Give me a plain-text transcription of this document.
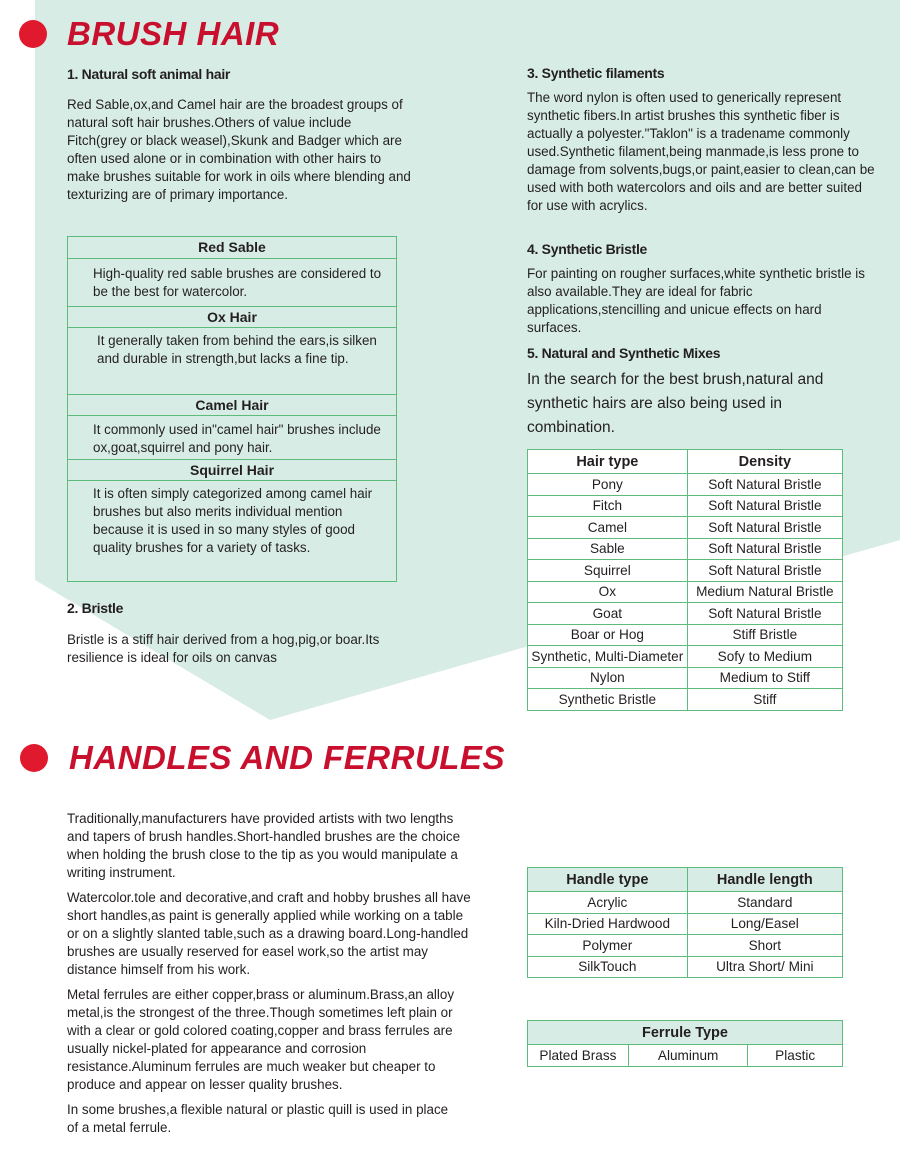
BRUSH HAIR
1. Natural soft animal hair

Red Sable,ox,and Camel hair are the broadest groups of natural soft hair brushes.Others of value include Fitch(grey or black weasel),Skunk and Badger which are often used alone or in combination with other hairs to make brushes suitable for work in oils where blending and texturizing are of primary importance.

Red Sable

High-quality red sable brushes are considered to be the best for watercolor.

Ox Hair

It generally taken from behind the ears,is silken and durable in strength,but lacks a fine tip.

Camel Hair

It commonly used in"camel hair" brushes include ox,goat,squirrel and pony hair.

Squirrel Hair

It is often simply categorized among camel hair brushes but also merits individual mention because it is used in so many styles of good quality brushes for a variety of tasks.

2. Bristle

Bristle is a stiff hair derived from a hog,pig,or boar.Its resilience is ideal for oils on canvas

3. Synthetic filaments

The word nylon is often used to generically represent synthetic fibers.In artist brushes this synthetic fiber is actually a polyester."Taklon" is a tradename commonly used.Synthetic filament,being manmade,is less prone to damage from solvents,bugs,or paint,easier to clean,can be used with both watercolors and oils and are better suited for use with acrylics.

4. Synthetic Bristle

For painting on rougher surfaces,white synthetic bristle is also available.They are ideal for fabric applications,stencilling and unicue effects on hard surfaces.

5. Natural and Synthetic Mixes

In the search for the best brush,natural and synthetic hairs are also being used in combination.

Hair type	Density
Pony	Soft Natural Bristle
Fitch	Soft Natural Bristle
Camel	Soft Natural Bristle
Sable	Soft Natural Bristle
Squirrel	Soft Natural Bristle
Ox	Medium Natural Bristle
Goat	Soft Natural Bristle
Boar or Hog	Stiff Bristle
Synthetic, Multi-Diameter	Sofy to Medium
Nylon	Medium to Stiff
Synthetic Bristle	Stiff
HANDLES AND FERRULES

Traditionally,manufacturers have provided artists with two lengths and tapers of brush handles.Short-handled brushes are the choice when holding the brush close to the tip as you would manipulate a writing instrument.

Watercolor.tole and decorative,and craft and hobby brushes all have short handles,as paint is generally applied while working on a table or on a slightly slanted table,such as a drawing board.Long-handled brushes are usually reserved for easel work,so the artist may distance himself from his work.

Metal ferrules are either copper,brass or aluminum.Brass,an alloy metal,is the strongest of the three.Though sometimes left plain or with a clear or gold colored coating,copper and brass ferrules are usually nickel-plated for appearance and corrosion resistance.Aluminum ferrules are much weaker but cheaper to produce and appear on lesser quality brushes.

In some brushes,a flexible natural or plastic quill is used in place of a metal ferrule.

Handle type	Handle length
Acrylic	Standard
Kiln-Dried Hardwood	Long/Easel
Polymer	Short
SilkTouch	Ultra Short/ Mini
Ferrule Type
Plated Brass	Aluminum	Plastic
